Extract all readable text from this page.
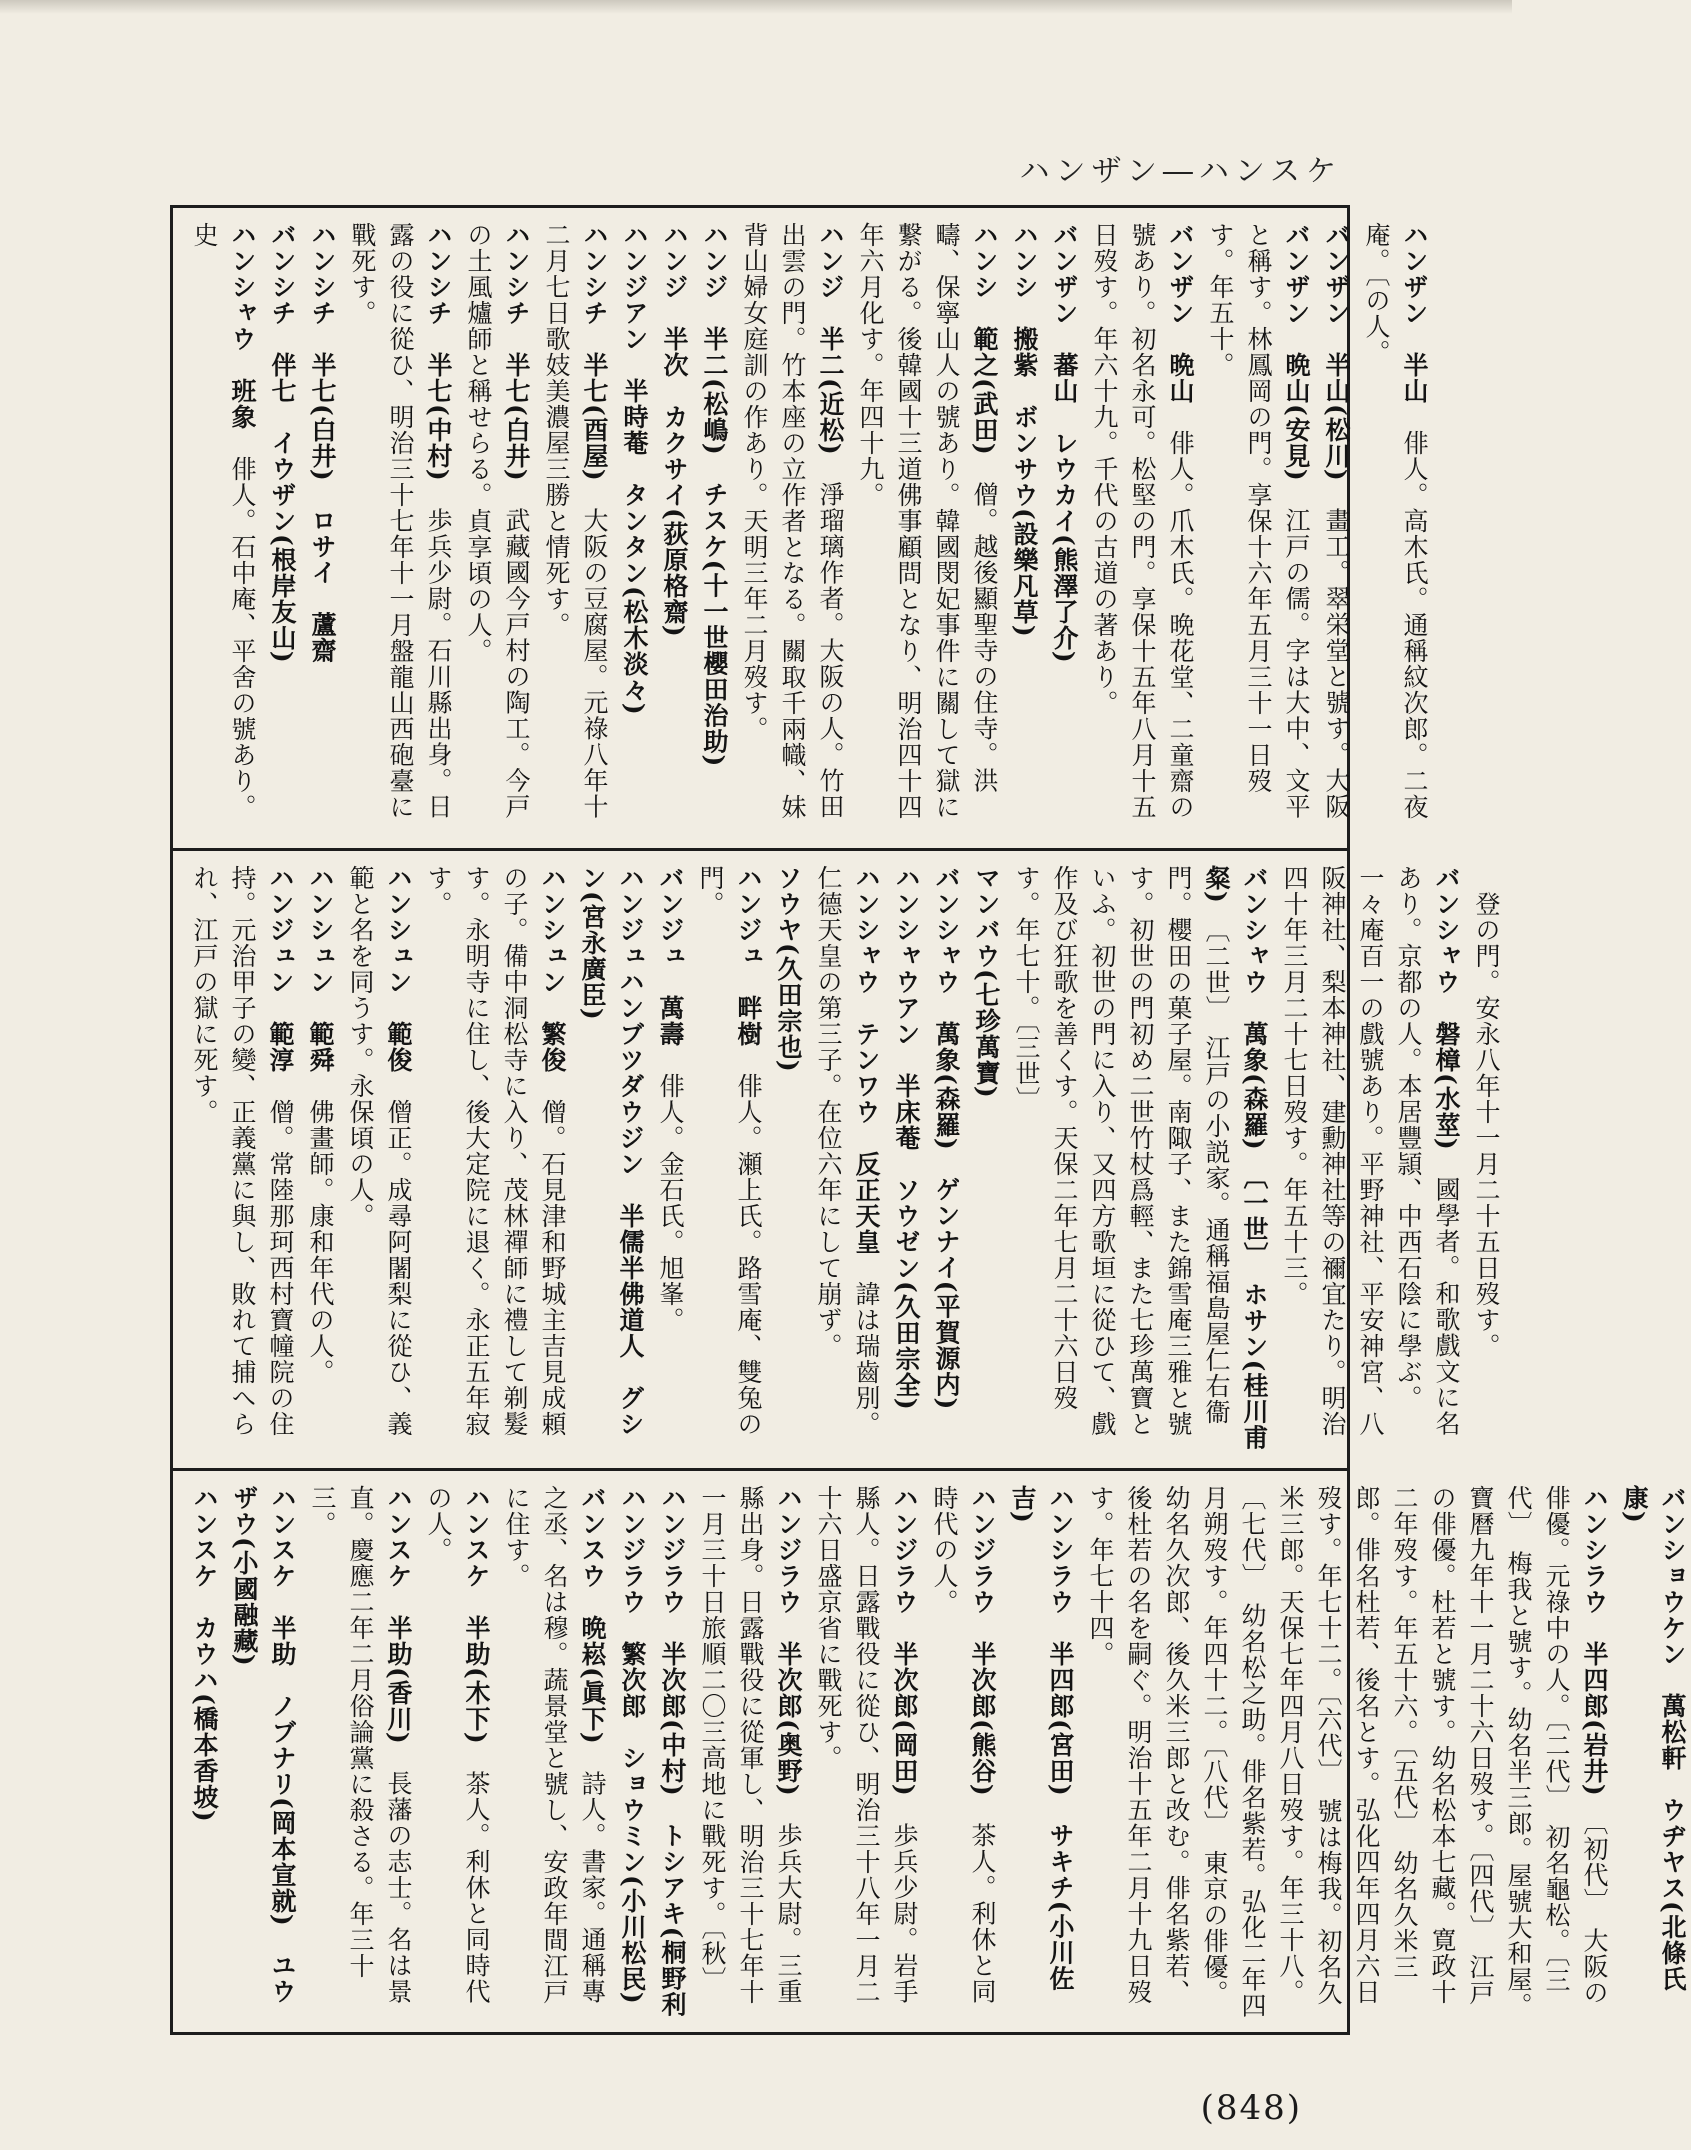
ハンザン―ハンスケ
ハンザン　半山　俳人。高木氏。通稱紋次郎。二夜庵。〔の人。
バンザン　半山(松川)　畫工。翠栄堂と號す。大阪
バンザン　晩山(安見)　江戸の儒。字は大中、文平と稱す。林鳳岡の門。享保十六年五月三十一日歿す。年五十。
バンザン　晩山　俳人。爪木氏。晩花堂、二童齋の號あり。初名永可。松堅の門。享保十五年八月十五日歿す。年六十九。千代の古道の著あり。
バンザン　蕃山　レウカイ(熊澤了介)　
ハンシ　搬紫　ボンサウ(設樂凡草)　
ハンシ　範之(武田)　僧。越後顯聖寺の住寺。洪疇、保寧山人の號あり。韓國閔妃事件に關して獄に繋がる。後韓國十三道佛事顧問となり、明治四十四年六月化す。年四十九。
ハンジ　半二(近松)　淨瑠璃作者。大阪の人。竹田出雲の門。竹本座の立作者となる。關取千兩幟、妹背山婦女庭訓の作あり。天明三年二月歿す。
ハンジ　半二(松嶋)　チスケ(十一世櫻田治助)　
ハンジ　半次　カクサイ(荻原格齋)　
ハンジアン　半時菴　タンタン(松木淡々)　
ハンシチ　半七(酉屋)　大阪の豆腐屋。元祿八年十二月七日歌妓美濃屋三勝と情死す。
ハンシチ　半七(白井)　武藏國今戸村の陶工。今戸の土風爐師と稱せらる。貞享頃の人。
ハンシチ　半七(中村)　歩兵少尉。石川縣出身。日露の役に從ひ、明治三十七年十一月盤龍山西砲臺に戰死す。
ハンシチ　半七(白井)　ロサイ　蘆齋　
バンシチ　伴七　イウザン(根岸友山)　
ハンシャウ　班象　俳人。石中庵、平舍の號あり。史
　登の門。安永八年十一月二十五日歿す。
バンシャウ　磐樟(水莖)　國學者。和歌戲文に名あり。京都の人。本居豐頴、中西石陰に學ぶ。一々庵百一の戲號あり。平野神社、平安神宮、八阪神社、梨本神社、建勳神社等の禰宜たり。明治四十年三月二十七日歿す。年五十三。
バンシャウ　萬象(森羅)　〔一世〕　ホサン(桂川甫粲)　〔二世〕　江戸の小説家。通稱福島屋仁右衞門。櫻田の菓子屋。南陬子、また錦雪庵三雅と號す。初世の門初め二世竹杖爲輕、また七珍萬寶といふ。初世の門に入り、又四方歌垣に從ひて、戲作及び狂歌を善くす。天保二年七月二十六日歿す。年七十。〔三世〕
マンバウ(七珍萬寶)　
バンシャウ　萬象(森羅)　ゲンナイ(平賀源内)　
ハンシャウアン　半床菴　ソウゼン(久田宗全)　
ハンシャウ　テンワウ　反正天皇　諱は瑞齒別。仁德天皇の第三子。在位六年にして崩ず。
ソウヤ(久田宗也)　
ハンジュ　畔樹　俳人。瀬上氏。路雪庵、雙兔の門。
バンジュ　萬壽　俳人。金石氏。旭峯。
ハンジュハンブツダウジン　半儒半佛道人　グシン(宮永廣臣)　
ハンシュン　繁俊　僧。石見津和野城主吉見成頼の子。備中洞松寺に入り、茂林禪師に禮して剃髮す。永明寺に住し、後大定院に退く。永正五年寂す。
ハンシュン　範俊　僧正。成尋阿闍梨に從ひ、義範と名を同うす。永保頃の人。
ハンシュン　範舜　佛畫師。康和年代の人。
ハンジュン　範淳　僧。常陸那珂西村寶幢院の住持。元治甲子の變、正義黨に與し、敗れて捕へられ、江戸の獄に死す。
バンショウケン　萬松軒　ウヂヤス(北條氏康)　
ハンシラウ　半四郎(岩井)　〔初代〕　大阪の俳優。元祿中の人。〔二代〕　初名龜松。〔三代〕　梅我と號す。幼名半三郎。屋號大和屋。寶曆九年十一月二十六日歿す。〔四代〕　江戸の俳優。杜若と號す。幼名松本七藏。寛政十二年歿す。年五十六。〔五代〕　幼名久米三郎。俳名杜若、後名とす。弘化四年四月六日歿す。年七十二。〔六代〕　號は梅我。初名久米三郎。天保七年四月八日歿す。年三十八。〔七代〕　幼名松之助。俳名紫若。弘化二年四月朔歿す。年四十二。〔八代〕　東京の俳優。幼名久次郎、後久米三郎と改む。俳名紫若、後杜若の名を嗣ぐ。明治十五年二月十九日歿す。年七十四。
ハンシラウ　半四郎(宮田)　サキチ(小川佐吉)　
ハンジラウ　半次郎(熊谷)　茶人。利休と同時代の人。
ハンジラウ　半次郎(岡田)　歩兵少尉。岩手縣人。日露戰役に從ひ、明治三十八年一月二十六日盛京省に戰死す。
ハンジラウ　半次郎(奥野)　歩兵大尉。三重縣出身。日露戰役に從軍し、明治三十七年十一月三十日旅順二〇三高地に戰死す。〔秋〕
ハンジラウ　半次郎(中村)　トシアキ(桐野利　
ハンジラウ　繁次郎　ショウミン(小川松民)　
バンスウ　晩崧(眞下)　詩人。書家。通稱專之丞、名は穆。蔬景堂と號し、安政年間江戸に住す。
ハンスケ　半助(木下)　茶人。利休と同時代の人。
ハンスケ　半助(香川)　長藩の志士。名は景直。慶應二年二月俗論黨に殺さる。年三十三。
ハンスケ　半助　ノブナリ(岡本宣就)　ユウザウ(小國融藏)　
ハンスケ　カウハ(橋本香坡)　
(848)
